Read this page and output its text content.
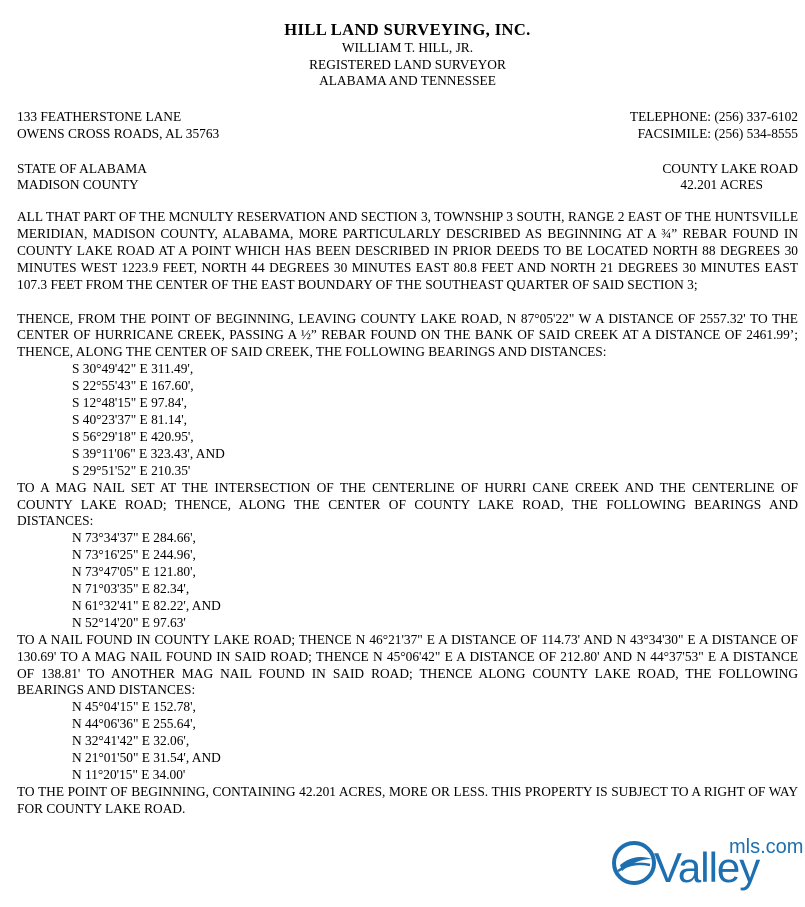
HILL LAND SURVEYING, INC.
WILLIAM T. HILL, JR.
REGISTERED LAND SURVEYOR
ALABAMA AND TENNESSEE
133 FEATHERSTONE LANE	TELEPHONE: (256) 337-6102
OWENS CROSS ROADS, AL 35763	FACSIMILE: (256) 534-8555
STATE OF ALABAMA	COUNTY LAKE ROAD
MADISON COUNTY	42.201 ACRES

ALL THAT PART OF THE MCNULTY RESERVATION AND SECTION 3, TOWNSHIP 3 SOUTH, RANGE 2 EAST OF THE HUNTSVILLE MERIDIAN, MADISON COUNTY, ALABAMA, MORE PARTICULARLY DESCRIBED AS BEGINNING AT A ¾” REBAR FOUND IN COUNTY LAKE ROAD AT A POINT WHICH HAS BEEN DESCRIBED IN PRIOR DEEDS TO BE LOCATED NORTH 88 DEGREES 30 MINUTES WEST 1223.9 FEET, NORTH 44 DEGREES 30 MINUTES EAST 80.8 FEET AND NORTH 21 DEGREES 30 MINUTES EAST 107.3 FEET FROM THE CENTER OF THE EAST BOUNDARY OF THE SOUTHEAST QUARTER OF SAID SECTION 3;

THENCE, FROM THE POINT OF BEGINNING, LEAVING COUNTY LAKE ROAD, N 87°05'22" W A DISTANCE OF 2557.32' TO THE CENTER OF HURRICANE CREEK, PASSING A ½” REBAR FOUND ON THE BANK OF SAID CREEK AT A DISTANCE OF 2461.99’; THENCE, ALONG THE CENTER OF SAID CREEK, THE FOLLOWING BEARINGS AND DISTANCES:

S 30°49'42" E 311.49',
S 22°55'43" E 167.60',
S 12°48'15" E 97.84',
S 40°23'37" E 81.14',
S 56°29'18" E 420.95',
S 39°11'06" E 323.43', AND
S 29°51'52" E 210.35'

TO A MAG NAIL SET AT THE INTERSECTION OF THE CENTERLINE OF HURRI CANE CREEK AND THE CENTERLINE OF COUNTY LAKE ROAD; THENCE, ALONG THE CENTER OF COUNTY LAKE ROAD, THE FOLLOWING BEARINGS AND DISTANCES:

N 73°34'37" E 284.66',
N 73°16'25" E 244.96',
N 73°47'05" E 121.80',
N 71°03'35" E 82.34',
N 61°32'41" E 82.22', AND
N 52°14'20" E 97.63'

TO A NAIL FOUND IN COUNTY LAKE ROAD; THENCE N 46°21'37" E A DISTANCE OF 114.73' AND N 43°34'30" E A DISTANCE OF 130.69' TO A MAG NAIL FOUND IN SAID ROAD; THENCE N 45°06'42" E A DISTANCE OF 212.80' AND N 44°37'53" E A DISTANCE OF 138.81' TO ANOTHER MAG NAIL FOUND IN SAID ROAD; THENCE ALONG COUNTY LAKE ROAD, THE FOLLOWING BEARINGS AND DISTANCES:

N 45°04'15" E 152.78',
N 44°06'36" E 255.64',
N 32°41'42" E 32.06',
N 21°01'50" E 31.54', AND
N 11°20'15" E 34.00'

TO THE POINT OF BEGINNING, CONTAINING 42.201 ACRES, MORE OR LESS. THIS PROPERTY IS SUBJECT TO A RIGHT OF WAY FOR COUNTY LAKE ROAD.

mls.com
Valley
